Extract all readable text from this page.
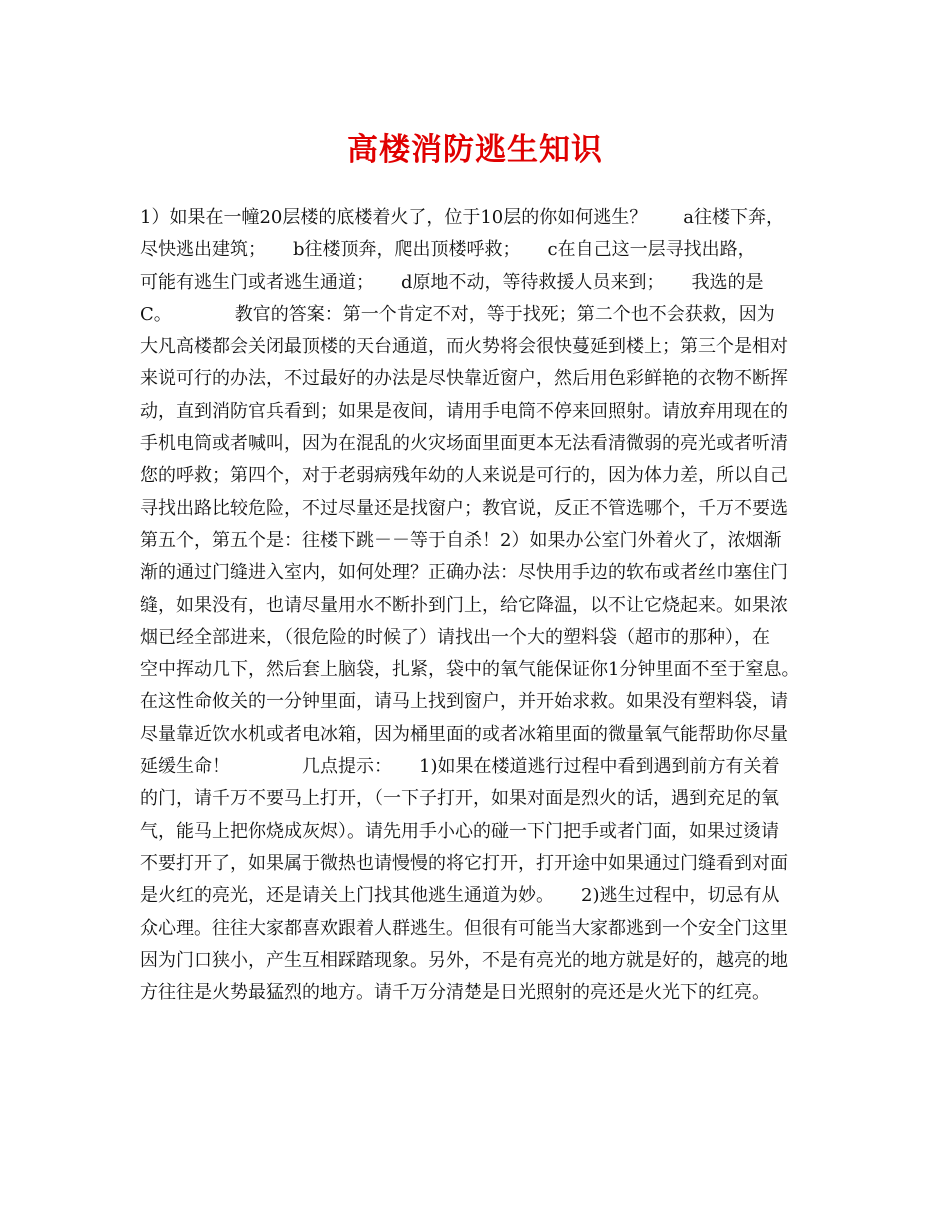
高楼消防逃生知识
1）如果在一幢20层楼的底楼着火了，位于10层的你如何逃生？　　a往楼下奔，
尽快逃出建筑；　　b往楼顶奔，爬出顶楼呼救；　　c在自己这一层寻找出路，
可能有逃生门或者逃生通道；　　d原地不动，等待救援人员来到；　　我选的是
C。　　　　教官的答案：第一个肯定不对，等于找死；第二个也不会获救，因为
大凡高楼都会关闭最顶楼的天台通道，而火势将会很快蔓延到楼上；第三个是相对
来说可行的办法，不过最好的办法是尽快靠近窗户，然后用色彩鲜艳的衣物不断挥
动，直到消防官兵看到；如果是夜间，请用手电筒不停来回照射。请放弃用现在的
手机电筒或者喊叫，因为在混乱的火灾场面里面更本无法看清微弱的亮光或者听清
您的呼救；第四个，对于老弱病残年幼的人来说是可行的，因为体力差，所以自己
寻找出路比较危险，不过尽量还是找窗户；教官说，反正不管选哪个，千万不要选
第五个，第五个是：往楼下跳－－等于自杀！2）如果办公室门外着火了，浓烟渐
渐的通过门缝进入室内，如何处理？正确办法：尽快用手边的软布或者丝巾塞住门
缝，如果没有，也请尽量用水不断扑到门上，给它降温，以不让它烧起来。如果浓
烟已经全部进来，（很危险的时候了）请找出一个大的塑料袋（超市的那种），在
空中挥动几下，然后套上脑袋，扎紧，袋中的氧气能保证你1分钟里面不至于窒息。
在这性命攸关的一分钟里面，请马上找到窗户，并开始求救。如果没有塑料袋，请
尽量靠近饮水机或者电冰箱，因为桶里面的或者冰箱里面的微量氧气能帮助你尽量
延缓生命！　　　　几点提示：　　1)如果在楼道逃行过程中看到遇到前方有关着
的门，请千万不要马上打开，（一下子打开，如果对面是烈火的话，遇到充足的氧
气，能马上把你烧成灰烬）。请先用手小心的碰一下门把手或者门面，如果过烫请
不要打开了，如果属于微热也请慢慢的将它打开，打开途中如果通过门缝看到对面
是火红的亮光，还是请关上门找其他逃生通道为妙。　　2)逃生过程中，切忌有从
众心理。往往大家都喜欢跟着人群逃生。但很有可能当大家都逃到一个安全门这里
因为门口狭小，产生互相踩踏现象。另外，不是有亮光的地方就是好的，越亮的地
方往往是火势最猛烈的地方。请千万分清楚是日光照射的亮还是火光下的红亮。
